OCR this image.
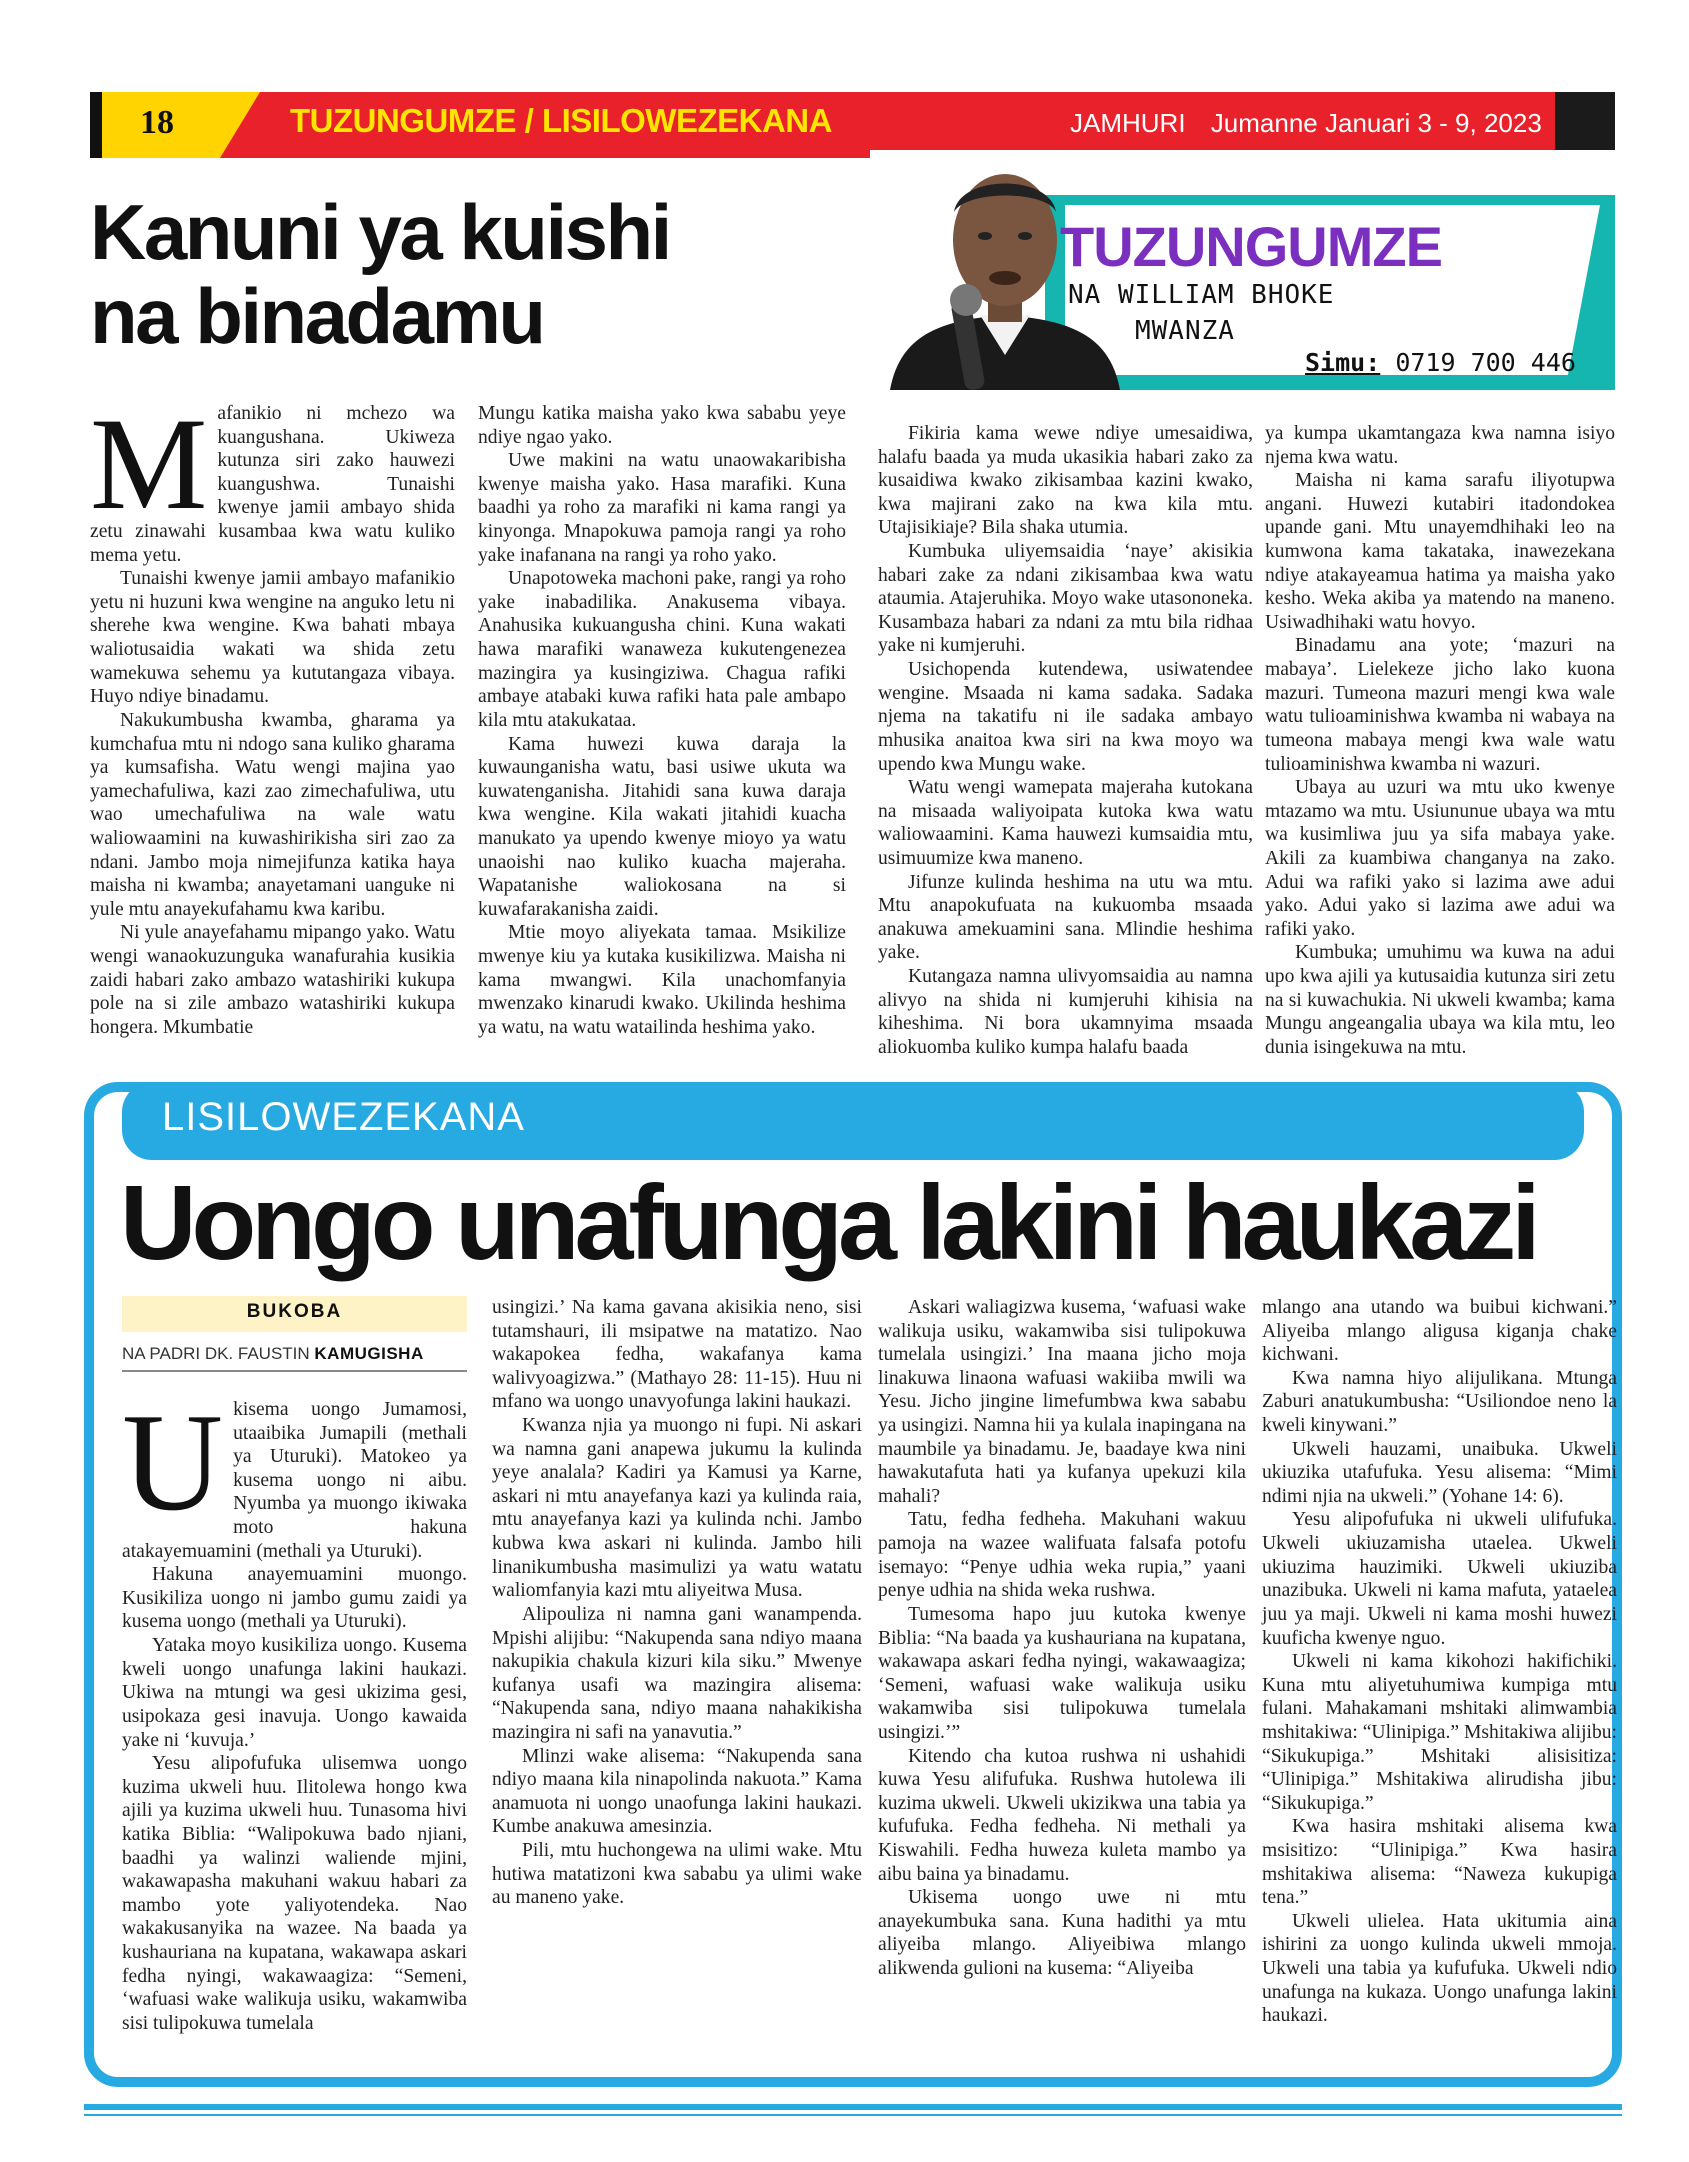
18	TUZUNGUMZE / LISILOWEZEKANA	JAMHURI Jumanne Januari 3 - 9, 2023
Kanuni ya kuishi
na binadamu
TUZUNGUMZE
NA WILLIAM BHOKE
MWANZA
Simu: 0719 700 446

Mafanikio ni mchezo wa kuangushana. Ukiweza kutunza siri zako hauwezi kuangushwa. Tunaishi kwenye jamii ambayo shida zetu zinawahi kusambaa kwa watu kuliko mema yetu.

Tunaishi kwenye jamii ambayo mafanikio yetu ni huzuni kwa wengine na anguko letu ni sherehe kwa wengine. Kwa bahati mbaya waliotusaidia wakati wa shida zetu wamekuwa sehemu ya kututangaza vibaya. Huyo ndiye binadamu.

Nakukumbusha kwamba, gharama ya kumchafua mtu ni ndogo sana kuliko gharama ya kumsafisha. Watu wengi majina yao yamechafuliwa, kazi zao zimechafuliwa, utu wao umechafuliwa na wale watu waliowaamini na kuwashirikisha siri zao za ndani. Jambo moja nimejifunza katika haya maisha ni kwamba; anayetamani uanguke ni yule mtu anayekufahamu kwa karibu.

Ni yule anayefahamu mipango yako. Watu wengi wanaokuzunguka wanafurahia kusikia zaidi habari zako ambazo watashiriki kukupa pole na si zile ambazo watashiriki kukupa hongera. Mkumbatie

Mungu katika maisha yako kwa sababu yeye ndiye ngao yako.

Uwe makini na watu unaowakaribisha kwenye maisha yako. Hasa marafiki. Kuna baadhi ya roho za marafiki ni kama rangi ya kinyonga. Mnapokuwa pamoja rangi ya roho yake inafanana na rangi ya roho yako.

Unapotoweka machoni pake, rangi ya roho yake inabadilika. Anakusema vibaya. Anahusika kukuangusha chini. Kuna wakati hawa marafiki wanaweza kukutengenezea mazingira ya kusingiziwa. Chagua rafiki ambaye atabaki kuwa rafiki hata pale ambapo kila mtu atakukataa.

Kama huwezi kuwa daraja la kuwaunganisha watu, basi usiwe ukuta wa kuwatenganisha. Jitahidi sana kuwa daraja kwa wengine. Kila wakati jitahidi kuacha manukato ya upendo kwenye mioyo ya watu unaoishi nao kuliko kuacha majeraha. Wapatanishe waliokosana na si kuwafarakanisha zaidi.

Mtie moyo aliyekata tamaa. Msikilize mwenye kiu ya kutaka kusikilizwa. Maisha ni kama mwangwi. Kila unachomfanyia mwenzako kinarudi kwako. Ukilinda heshima ya watu, na watu watailinda heshima yako.

Fikiria kama wewe ndiye umesaidiwa, halafu baada ya muda ukasikia habari zako za kusaidiwa kwako zikisambaa kazini kwako, kwa majirani zako na kwa kila mtu. Utajisikiaje? Bila shaka utumia.

Kumbuka uliyemsaidia ‘naye’ akisikia habari zake za ndani zikisambaa kwa watu ataumia. Atajeruhika. Moyo wake utasononeka. Kusambaza habari za ndani za mtu bila ridhaa yake ni kumjeruhi.

Usichopenda kutendewa, usiwatendee wengine. Msaada ni kama sadaka. Sadaka njema na takatifu ni ile sadaka ambayo mhusika anaitoa kwa siri na kwa moyo wa upendo kwa Mungu wake.

Watu wengi wamepata majeraha kutokana na misaada waliyoipata kutoka kwa watu waliowaamini. Kama hauwezi kumsaidia mtu, usimuumize kwa maneno.

Jifunze kulinda heshima na utu wa mtu. Mtu anapokufuata na kukuomba msaada anakuwa amekuamini sana. Mlindie heshima yake.

Kutangaza namna ulivyomsaidia au namna alivyo na shida ni kumjeruhi kihisia na kiheshima. Ni bora ukamnyima msaada aliokuomba kuliko kumpa halafu baada

ya kumpa ukamtangaza kwa namna isiyo njema kwa watu.

Maisha ni kama sarafu iliyotupwa angani. Huwezi kutabiri itadondokea upande gani. Mtu unayemdhihaki leo na kumwona kama takataka, inawezekana ndiye atakayeamua hatima ya maisha yako kesho. Weka akiba ya matendo na maneno. Usiwadhihaki watu hovyo.

Binadamu ana yote; ‘mazuri na mabaya’. Lielekeze jicho lako kuona mazuri. Tumeona mazuri mengi kwa wale watu tulioaminishwa kwamba ni wabaya na tumeona mabaya mengi kwa wale watu tulioaminishwa kwamba ni wazuri.

Ubaya au uzuri wa mtu uko kwenye mtazamo wa mtu. Usiununue ubaya wa mtu wa kusimliwa juu ya sifa mabaya yake. Akili za kuambiwa changanya na zako. Adui wa rafiki yako si lazima awe adui yako. Adui yako si lazima awe adui wa rafiki yako.

Kumbuka; umuhimu wa kuwa na adui upo kwa ajili ya kutusaidia kutunza siri zetu na si kuwachukia. Ni ukweli kwamba; kama Mungu angeangalia ubaya wa kila mtu, leo dunia isingekuwa na mtu.

LISILOWEZEKANA
Uongo unafunga lakini haukazi
BUKOBA
NA PADRI DK. FAUSTIN KAMUGISHA

Ukisema uongo Jumamosi, utaaibika Jumapili (methali ya Uturuki). Matokeo ya kusema uongo ni aibu. Nyumba ya muongo ikiwaka moto hakuna atakayemuamini (methali ya Uturuki).

Hakuna anayemuamini muongo. Kusikiliza uongo ni jambo gumu zaidi ya kusema uongo (methali ya Uturuki).

Yataka moyo kusikiliza uongo. Kusema kweli uongo unafunga lakini haukazi. Ukiwa na mtungi wa gesi ukizima gesi, usipokaza gesi inavuja. Uongo kawaida yake ni ‘kuvuja.’

Yesu alipofufuka ulisemwa uongo kuzima ukweli huu. Ilitolewa hongo kwa ajili ya kuzima ukweli huu. Tunasoma hivi katika Biblia: “Walipokuwa bado njiani, baadhi ya walinzi waliende mjini, wakawapasha makuhani wakuu habari za mambo yote yaliyotendeka. Nao wakakusanyika na wazee. Na baada ya kushauriana na kupatana, wakawapa askari fedha nyingi, wakawaagiza: “Semeni, ‘wafuasi wake walikuja usiku, wakamwiba sisi tulipokuwa tumelala

usingizi.’ Na kama gavana akisikia neno, sisi tutamshauri, ili msipatwe na matatizo. Nao wakapokea fedha, wakafanya kama walivyoagizwa.” (Mathayo 28: 11-15). Huu ni mfano wa uongo unavyofunga lakini haukazi.

Kwanza njia ya muongo ni fupi. Ni askari wa namna gani anapewa jukumu la kulinda yeye analala? Kadiri ya Kamusi ya Karne, askari ni mtu anayefanya kazi ya kulinda raia, mtu anayefanya kazi ya kulinda nchi. Jambo kubwa kwa askari ni kulinda. Jambo hili linanikumbusha masimulizi ya watu watatu waliomfanyia kazi mtu aliyeitwa Musa.

Alipouliza ni namna gani wanampenda. Mpishi alijibu: “Nakupenda sana ndiyo maana nakupikia chakula kizuri kila siku.” Mwenye kufanya usafi wa mazingira alisema: “Nakupenda sana, ndiyo maana nahakikisha mazingira ni safi na yanavutia.”

Mlinzi wake alisema: “Nakupenda sana ndiyo maana kila ninapolinda nakuota.” Kama anamuota ni uongo unaofunga lakini haukazi. Kumbe anakuwa amesinzia.

Pili, mtu huchongewa na ulimi wake. Mtu hutiwa matatizoni kwa sababu ya ulimi wake au maneno yake.

Askari waliagizwa kusema, ‘wafuasi wake walikuja usiku, wakamwiba sisi tulipokuwa tumelala usingizi.’ Ina maana jicho moja linakuwa linaona wafuasi wakiiba mwili wa Yesu. Jicho jingine limefumbwa kwa sababu ya usingizi. Namna hii ya kulala inapingana na maumbile ya binadamu. Je, baadaye kwa nini hawakutafuta hati ya kufanya upekuzi kila mahali?

Tatu, fedha fedheha. Makuhani wakuu pamoja na wazee walifuata falsafa potofu isemayo: “Penye udhia weka rupia,” yaani penye udhia na shida weka rushwa.

Tumesoma hapo juu kutoka kwenye Biblia: “Na baada ya kushauriana na kupatana, wakawapa askari fedha nyingi, wakawaagiza; ‘Semeni, wafuasi wake walikuja usiku wakamwiba sisi tulipokuwa tumelala usingizi.’”

Kitendo cha kutoa rushwa ni ushahidi kuwa Yesu alifufuka. Rushwa hutolewa ili kuzima ukweli. Ukweli ukizikwa una tabia ya kufufuka. Fedha fedheha. Ni methali ya Kiswahili. Fedha huweza kuleta mambo ya aibu baina ya binadamu.

Ukisema uongo uwe ni mtu anayekumbuka sana. Kuna hadithi ya mtu aliyeiba mlango. Aliyeibiwa mlango alikwenda gulioni na kusema: “Aliyeiba

mlango ana utando wa buibui kichwani.” Aliyeiba mlango aligusa kiganja chake kichwani.

Kwa namna hiyo alijulikana. Mtunga Zaburi anatukumbusha: “Usiliondoe neno la kweli kinywani.”

Ukweli hauzami, unaibuka. Ukweli ukiuzika utafufuka. Yesu alisema: “Mimi ndimi njia na ukweli.” (Yohane 14: 6).

Yesu alipofufuka ni ukweli ulifufuka. Ukweli ukiuzamisha utaelea. Ukweli ukiuzima hauzimiki. Ukweli ukiuziba unazibuka. Ukweli ni kama mafuta, yataelea juu ya maji. Ukweli ni kama moshi huwezi kuuficha kwenye nguo.

Ukweli ni kama kikohozi hakifichiki. Kuna mtu aliyetuhumiwa kumpiga mtu fulani. Mahakamani mshitaki alimwambia mshitakiwa: “Ulinipiga.” Mshitakiwa alijibu: “Sikukupiga.” Mshitaki alisisitiza: “Ulinipiga.” Mshitakiwa alirudisha jibu: “Sikukupiga.”

Kwa hasira mshitaki alisema kwa msisitizo: “Ulinipiga.” Kwa hasira mshitakiwa alisema: “Naweza kukupiga tena.”

Ukweli ulielea. Hata ukitumia aina ishirini za uongo kulinda ukweli mmoja. Ukweli una tabia ya kufufuka. Ukweli ndio unafunga na kukaza. Uongo unafunga lakini haukazi.
